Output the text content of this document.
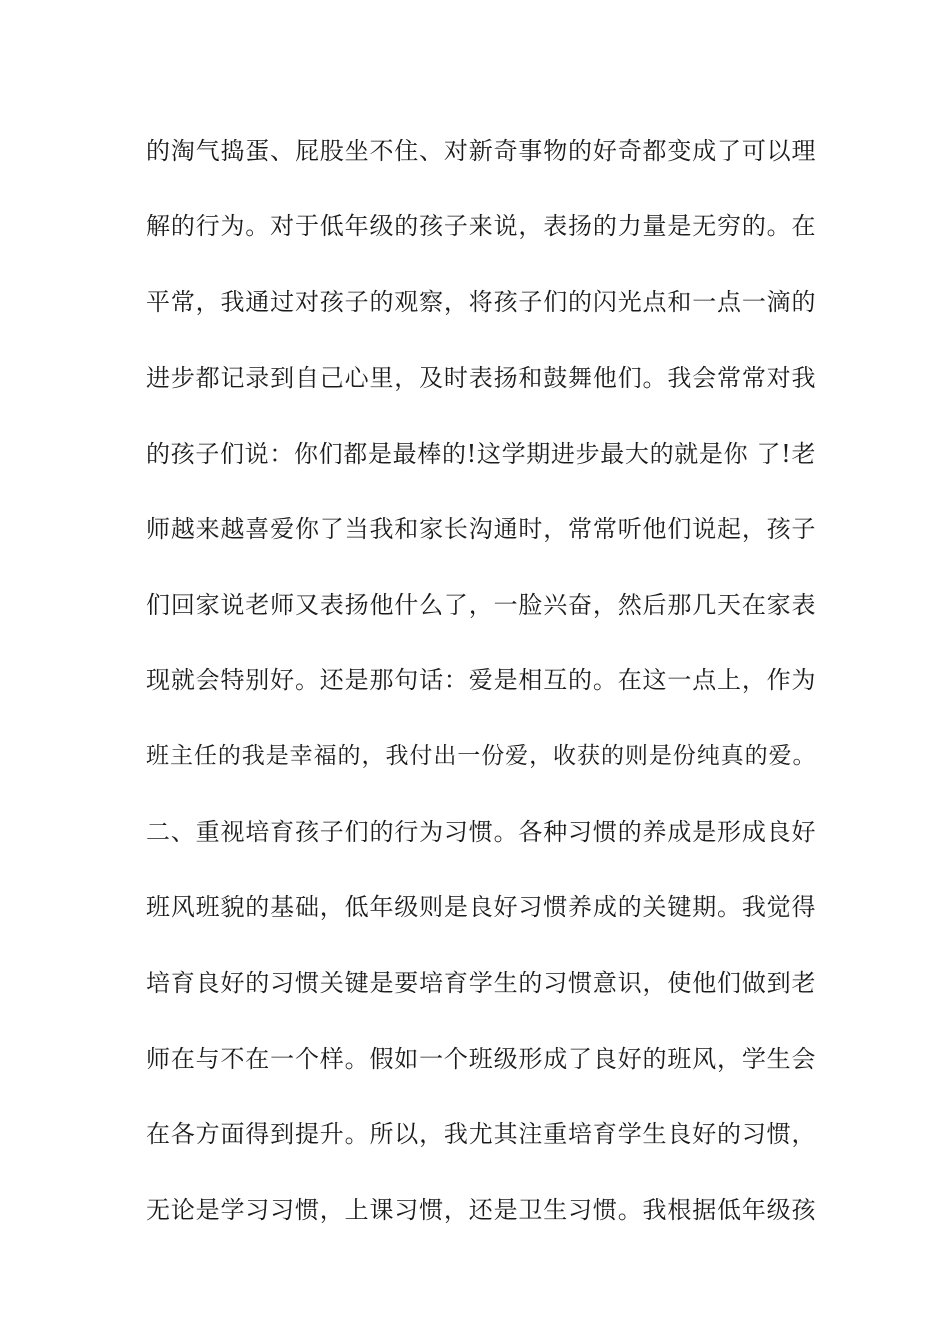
的淘气捣蛋、屁股坐不住、对新奇事物的好奇都变成了可以理
解的行为。对于低年级的孩子来说，表扬的力量是无穷的。在
平常，我通过对孩子的观察，将孩子们的闪光点和一点一滴的
进步都记录到自己心里，及时表扬和鼓舞他们。我会常常对我
的孩子们说：你们都是最棒的!这学期进步最大的就是你 了!老
师越来越喜爱你了当我和家长沟通时，常常听他们说起，孩子
们回家说老师又表扬他什么了，一脸兴奋，然后那几天在家表
现就会特别好。还是那句话：爱是相互的。在这一点上，作为
班主任的我是幸福的，我付出一份爱，收获的则是份纯真的爱。
二、重视培育孩子们的行为习惯。各种习惯的养成是形成良好
班风班貌的基础，低年级则是良好习惯养成的关键期。我觉得
培育良好的习惯关键是要培育学生的习惯意识，使他们做到老
师在与不在一个样。假如一个班级形成了良好的班风，学生会
在各方面得到提升。所以，我尤其注重培育学生良好的习惯，
无论是学习习惯，上课习惯，还是卫生习惯。我根据低年级孩
